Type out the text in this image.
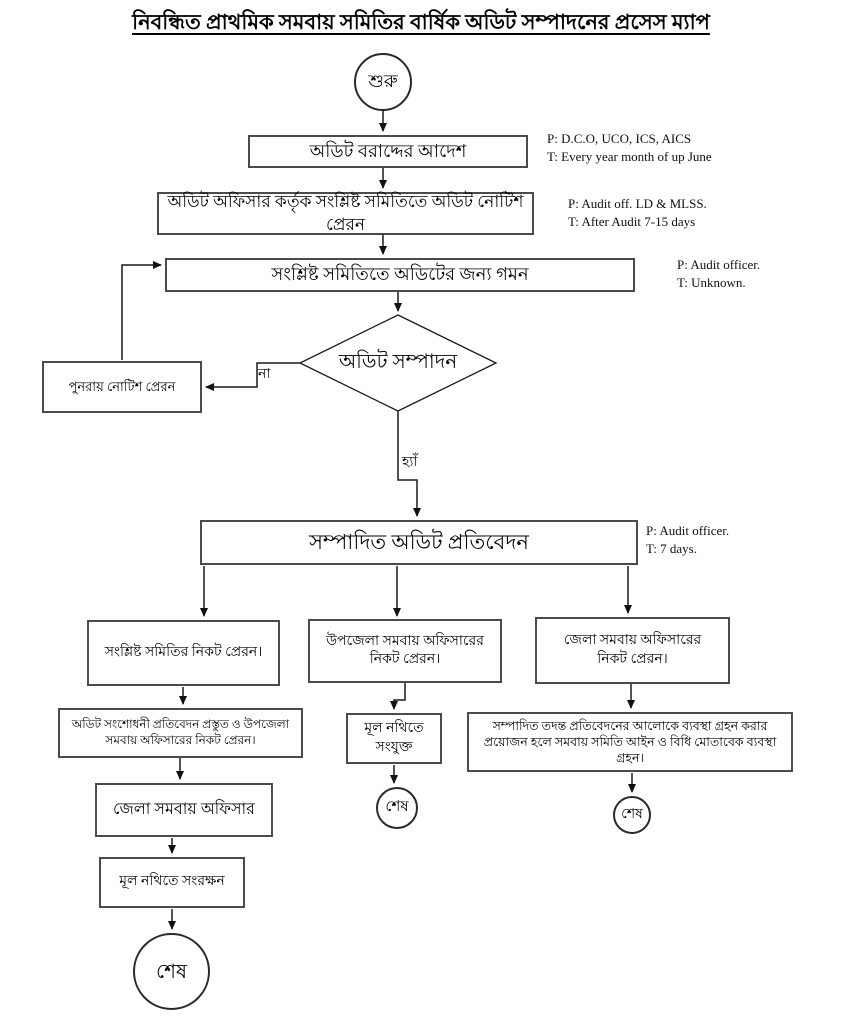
নিবন্ধিত প্রাথমিক সমবায় সমিতির বার্ষিক অডিট সম্পাদনের প্রসেস ম্যাপ
শুরু
অডিট বরাদ্দের আদেশ
P: D.C.O, UCO, ICS, AICS
T: Every year month of up June
অডিট অফিসার কর্তৃক সংশ্লিষ্ট সমিতিতে অডিট নোটিশ প্রেরন
P: Audit off. LD & MLSS.
T: After Audit 7-15 days
সংশ্লিষ্ট সমিতিতে অডিটের জন্য গমন	P: Audit officer.
T: Unknown.
অডিট সম্পাদন
না
হ্যাঁ
পুনরায় নোটিশ প্রেরন
সম্পাদিত অডিট প্রতিবেদন	P: Audit officer.
T: 7 days.
সংশ্লিষ্ট সমিতির নিকট প্রেরন।
উপজেলা সমবায় অফিসারের নিকট প্রেরন।
জেলা সমবায় অফিসারের নিকট প্রেরন।
অডিট সংশোধনী প্রতিবেদন প্রস্তুত ও উপজেলা সমবায় অফিসারের নিকট প্রেরন।
জেলা সমবায় অফিসার
মূল নথিতে সংরক্ষন
শেষ
মূল নথিতে সংযুক্ত
শেষ
সম্পাদিত তদন্ত প্রতিবেদনের আলোকে ব্যবস্থা গ্রহন করার প্রয়োজন হলে সমবায় সমিতি আইন ও বিধি মোতাবেক ব্যবস্থা গ্রহন।
শেষ
